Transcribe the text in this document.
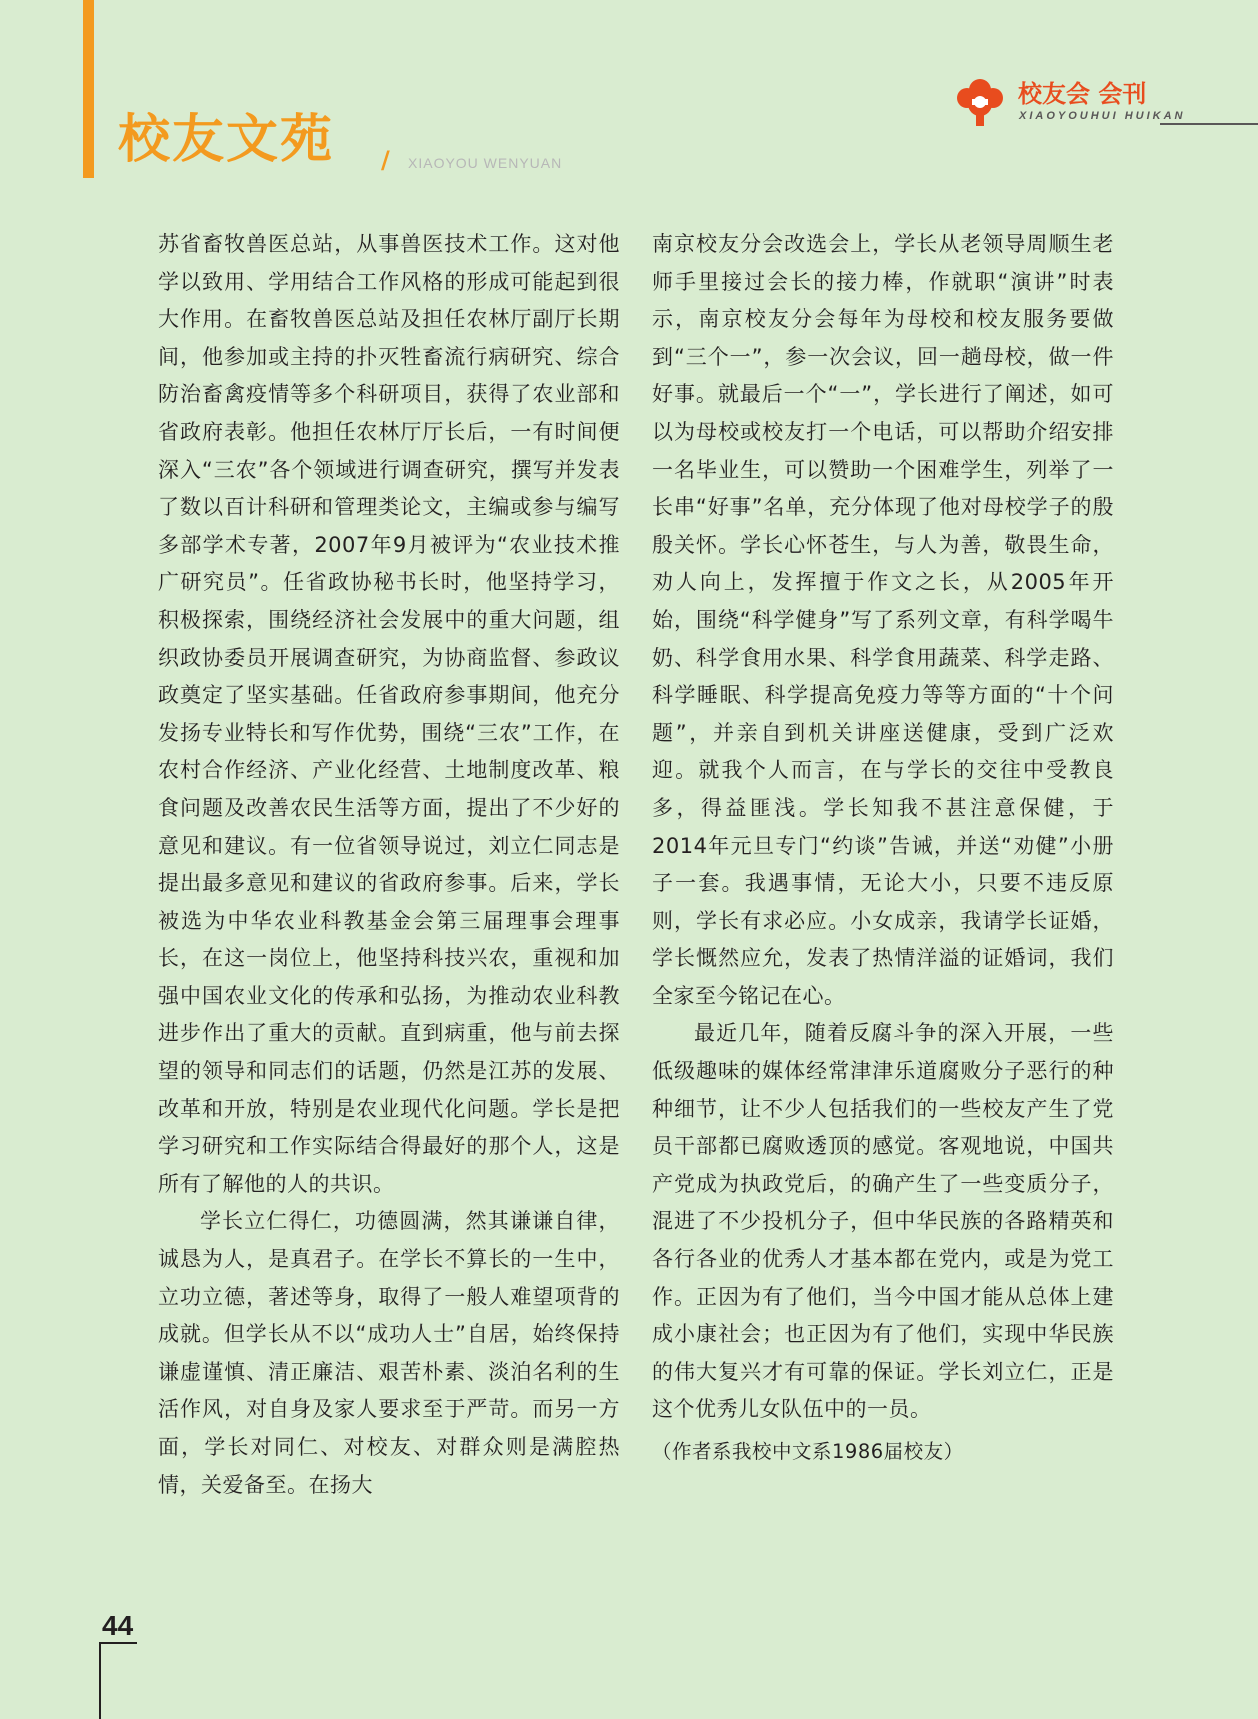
校友文苑 / XIAOYOU WENYUAN
校友会 会刊
XIAOYOUHUI HUIKAN

苏省畜牧兽医总站，从事兽医技术工作。这对他学以致用、学用结合工作风格的形成可能起到很大作用。在畜牧兽医总站及担任农林厅副厅长期间，他参加或主持的扑灭牲畜流行病研究、综合防治畜禽疫情等多个科研项目，获得了农业部和省政府表彰。他担任农林厅厅长后，一有时间便深入“三农”各个领域进行调查研究，撰写并发表了数以百计科研和管理类论文，主编或参与编写多部学术专著，2007年9月被评为“农业技术推广研究员”。任省政协秘书长时，他坚持学习，积极探索，围绕经济社会发展中的重大问题，组织政协委员开展调查研究，为协商监督、参政议政奠定了坚实基础。任省政府参事期间，他充分发扬专业特长和写作优势，围绕“三农”工作，在农村合作经济、产业化经营、土地制度改革、粮食问题及改善农民生活等方面，提出了不少好的意见和建议。有一位省领导说过，刘立仁同志是提出最多意见和建议的省政府参事。后来，学长被选为中华农业科教基金会第三届理事会理事长，在这一岗位上，他坚持科技兴农，重视和加强中国农业文化的传承和弘扬，为推动农业科教进步作出了重大的贡献。直到病重，他与前去探望的领导和同志们的话题，仍然是江苏的发展、改革和开放，特别是农业现代化问题。学长是把学习研究和工作实际结合得最好的那个人，这是所有了解他的人的共识。

学长立仁得仁，功德圆满，然其谦谦自律，诚恳为人，是真君子。在学长不算长的一生中，立功立德，著述等身，取得了一般人难望项背的成就。但学长从不以“成功人士”自居，始终保持谦虚谨慎、清正廉洁、艰苦朴素、淡泊名利的生活作风，对自身及家人要求至于严苛。而另一方面，学长对同仁、对校友、对群众则是满腔热情，关爱备至。在扬大

南京校友分会改选会上，学长从老领导周顺生老师手里接过会长的接力棒，作就职“演讲”时表示，南京校友分会每年为母校和校友服务要做到“三个一”，参一次会议，回一趟母校，做一件好事。就最后一个“一”，学长进行了阐述，如可以为母校或校友打一个电话，可以帮助介绍安排一名毕业生，可以赞助一个困难学生，列举了一长串“好事”名单，充分体现了他对母校学子的殷殷关怀。学长心怀苍生，与人为善，敬畏生命，劝人向上，发挥擅于作文之长，从2005年开始，围绕“科学健身”写了系列文章，有科学喝牛奶、科学食用水果、科学食用蔬菜、科学走路、科学睡眠、科学提高免疫力等等方面的“十个问题”，并亲自到机关讲座送健康，受到广泛欢迎。就我个人而言，在与学长的交往中受教良多，得益匪浅。学长知我不甚注意保健，于2014年元旦专门“约谈”告诫，并送“劝健”小册子一套。我遇事情，无论大小，只要不违反原则，学长有求必应。小女成亲，我请学长证婚，学长慨然应允，发表了热情洋溢的证婚词，我们全家至今铭记在心。

最近几年，随着反腐斗争的深入开展，一些低级趣味的媒体经常津津乐道腐败分子恶行的种种细节，让不少人包括我们的一些校友产生了党员干部都已腐败透顶的感觉。客观地说，中国共产党成为执政党后，的确产生了一些变质分子，混进了不少投机分子，但中华民族的各路精英和各行各业的优秀人才基本都在党内，或是为党工作。正因为有了他们，当今中国才能从总体上建成小康社会；也正因为有了他们，实现中华民族的伟大复兴才有可靠的保证。学长刘立仁，正是这个优秀儿女队伍中的一员。

（作者系我校中文系1986届校友）

44
